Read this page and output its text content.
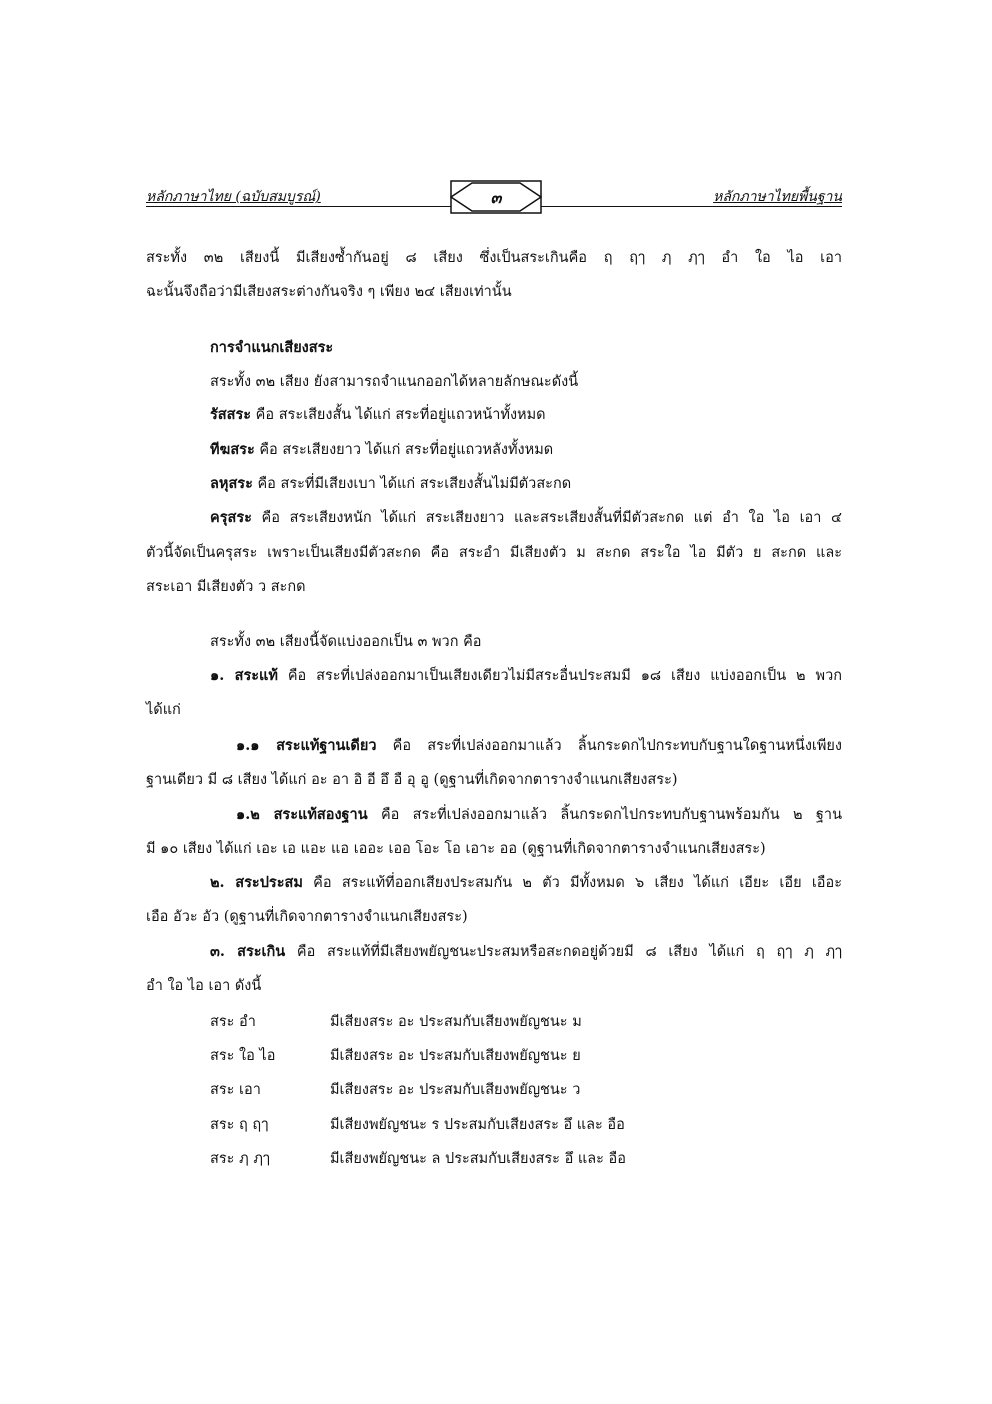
หลักภาษาไทย (ฉบับสมบูรณ์)	๓	หลักภาษาไทยพื้นฐาน
สระทั้ง ๓๒ เสียงนี้ มีเสียงซ้ำกันอยู่ ๘ เสียง ซึ่งเป็นสระเกินคือ ฤ ฤๅ ฦ ฦๅ อำ ใอ ไอ เอา
ฉะนั้นจึงถือว่ามีเสียงสระต่างกันจริง ๆ เพียง ๒๔ เสียงเท่านั้น
การจำแนกเสียงสระ
สระทั้ง ๓๒ เสียง ยังสามารถจำแนกออกได้หลายลักษณะดังนี้
รัสสระ คือ สระเสียงสั้น ได้แก่ สระที่อยู่แถวหน้าทั้งหมด
ทีฆสระ คือ สระเสียงยาว ได้แก่ สระที่อยู่แถวหลังทั้งหมด
ลหุสระ คือ สระที่มีเสียงเบา ได้แก่ สระเสียงสั้นไม่มีตัวสะกด
ครุสระ คือ สระเสียงหนัก ได้แก่ สระเสียงยาว และสระเสียงสั้นที่มีตัวสะกด แต่ อำ ใอ ไอ เอา ๔
ตัวนี้จัดเป็นครุสระ เพราะเป็นเสียงมีตัวสะกด คือ สระอำ มีเสียงตัว ม สะกด สระใอ ไอ มีตัว ย สะกด และ
สระเอา มีเสียงตัว ว สะกด
สระทั้ง ๓๒ เสียงนี้จัดแบ่งออกเป็น ๓ พวก คือ
๑. สระแท้ คือ สระที่เปล่งออกมาเป็นเสียงเดียวไม่มีสระอื่นประสมมี ๑๘ เสียง แบ่งออกเป็น ๒ พวก
ได้แก่
๑.๑ สระแท้ฐานเดียว คือ สระที่เปล่งออกมาแล้ว ลิ้นกระดกไปกระทบกับฐานใดฐานหนึ่งเพียง
ฐานเดียว มี ๘ เสียง ได้แก่ อะ อา อิ อี อึ อื อุ อู (ดูฐานที่เกิดจากตารางจำแนกเสียงสระ)
๑.๒ สระแท้สองฐาน คือ สระที่เปล่งออกมาแล้ว ลิ้นกระดกไปกระทบกับฐานพร้อมกัน ๒ ฐาน
มี ๑๐ เสียง ได้แก่ เอะ เอ แอะ แอ เออะ เออ โอะ โอ เอาะ ออ (ดูฐานที่เกิดจากตารางจำแนกเสียงสระ)
๒. สระประสม คือ สระแท้ที่ออกเสียงประสมกัน ๒ ตัว มีทั้งหมด ๖ เสียง ได้แก่ เอียะ เอีย เอือะ
เอือ อัวะ อัว (ดูฐานที่เกิดจากตารางจำแนกเสียงสระ)
๓. สระเกิน คือ สระแท้ที่มีเสียงพยัญชนะประสมหรือสะกดอยู่ด้วยมี ๘ เสียง ได้แก่ ฤ ฤๅ ฦ ฦๅ
อำ ใอ ไอ เอา ดังนี้
สระ อำ	มีเสียงสระ อะ ประสมกับเสียงพยัญชนะ ม
สระ ใอ ไอ	มีเสียงสระ อะ ประสมกับเสียงพยัญชนะ ย
สระ เอา	มีเสียงสระ อะ ประสมกับเสียงพยัญชนะ ว
สระ ฤ ฤๅ	มีเสียงพยัญชนะ ร ประสมกับเสียงสระ อึ และ อือ
สระ ฦ ฦๅ	มีเสียงพยัญชนะ ล ประสมกับเสียงสระ อึ และ อือ
